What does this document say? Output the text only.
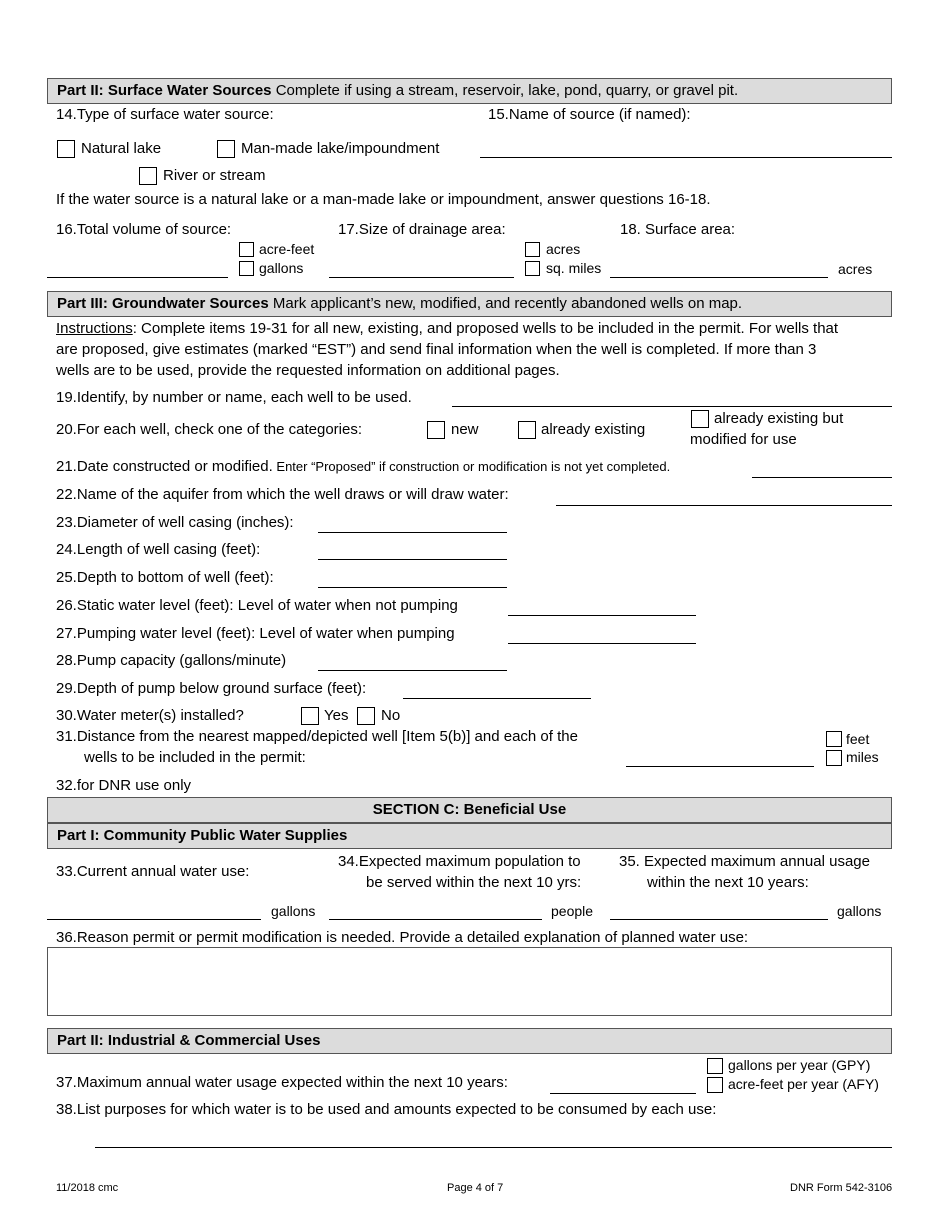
Part II: Surface Water Sources Complete if using a stream, reservoir, lake, pond, quarry, or gravel pit.
14.Type of surface water source:	15.Name of source (if named):
Natural lake	Man-made lake/impoundment
River or stream
If the water source is a natural lake or a man-made lake or impoundment, answer questions 16-18.
16.Total volume of source:	17.Size of drainage area:	18. Surface area:
acre-feet
gallons
acres
sq. miles	acres
Part III: Groundwater Sources Mark applicant’s new, modified, and recently abandoned wells on map.
Instructions: Complete items 19-31 for all new, existing, and proposed wells to be included in the permit. For wells that
are proposed, give estimates (marked “EST”) and send final information when the well is completed. If more than 3
wells are to be used, provide the requested information on additional pages.
19.Identify, by number or name, each well to be used.
20.For each well, check one of the categories:	new	already existing
already existing but
modified for use
21.Date constructed or modified. Enter “Proposed” if construction or modification is not yet completed.
22.Name of the aquifer from which the well draws or will draw water:
23.Diameter of well casing (inches):
24.Length of well casing (feet):
25.Depth to bottom of well (feet):
26.Static water level (feet): Level of water when not pumping
27.Pumping water level (feet): Level of water when pumping
28.Pump capacity (gallons/minute)
29.Depth of pump below ground surface (feet):
30.Water meter(s) installed?	Yes No
31.Distance from the nearest mapped/depicted well [Item 5(b)] and each of the
wells to be included in the permit:
feet
miles
32.for DNR use only
SECTION C: Beneficial Use
Part I: Community Public Water Supplies
33.Current annual water use:
34.Expected maximum population to
be served within the next 10 yrs:
35. Expected maximum annual usage
within the next 10 years:
gallons	people	gallons
36.Reason permit or permit modification is needed. Provide a detailed explanation of planned water use:
Part II: Industrial & Commercial Uses
37.Maximum annual water usage expected within the next 10 years:
gallons per year (GPY)
acre-feet per year (AFY)
38.List purposes for which water is to be used and amounts expected to be consumed by each use:
11/2018 cmc	Page 4 of 7	DNR Form 542-3106
